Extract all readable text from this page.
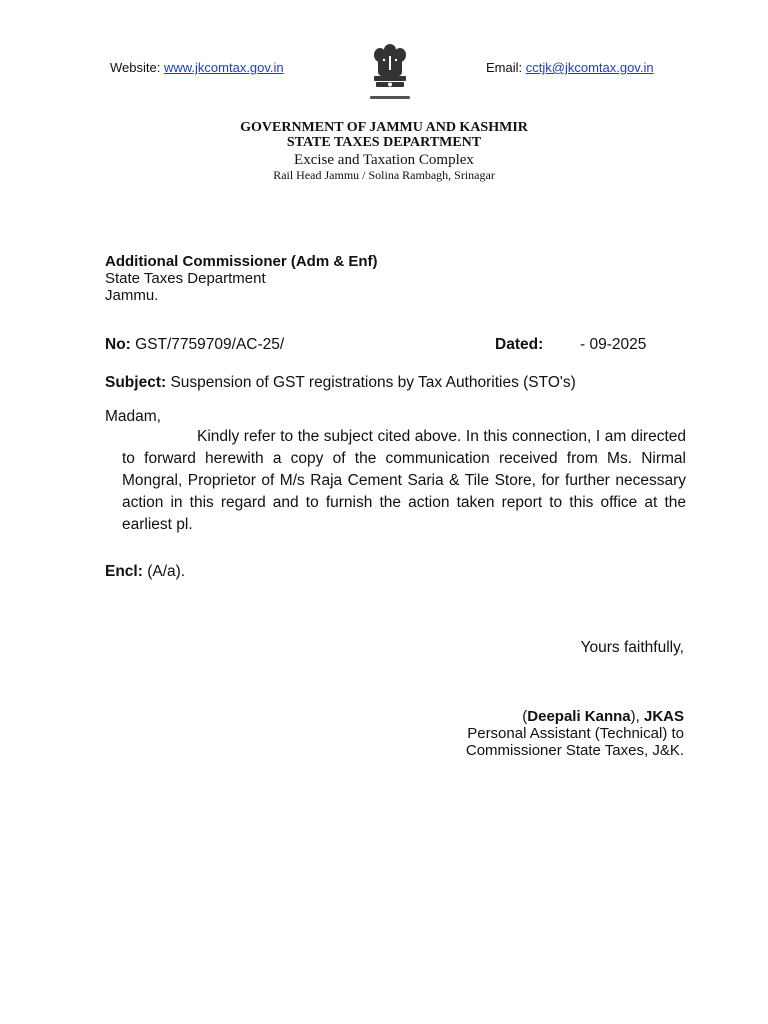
Website: www.jkcomtax.gov.in	Email: cctjk@jkcomtax.gov.in
GOVERNMENT OF JAMMU AND KASHMIR
STATE TAXES DEPARTMENT
Excise and Taxation Complex
Rail Head Jammu / Solina Rambagh, Srinagar
Additional Commissioner (Adm & Enf)
State Taxes Department
Jammu.
No: GST/7759709/AC-25/	Dated: - 09-2025
Subject: Suspension of GST registrations by Tax Authorities (STO's)
Madam,

Kindly refer to the subject cited above. In this connection, I am directed to forward herewith a copy of the communication received from Ms. Nirmal Mongral, Proprietor of M/s Raja Cement Saria & Tile Store, for further necessary action in this regard and to furnish the action taken report to this office at the earliest pl.

Encl: (A/a).
Yours faithfully,
(Deepali Kanna), JKAS
Personal Assistant (Technical) to
Commissioner State Taxes, J&K.
